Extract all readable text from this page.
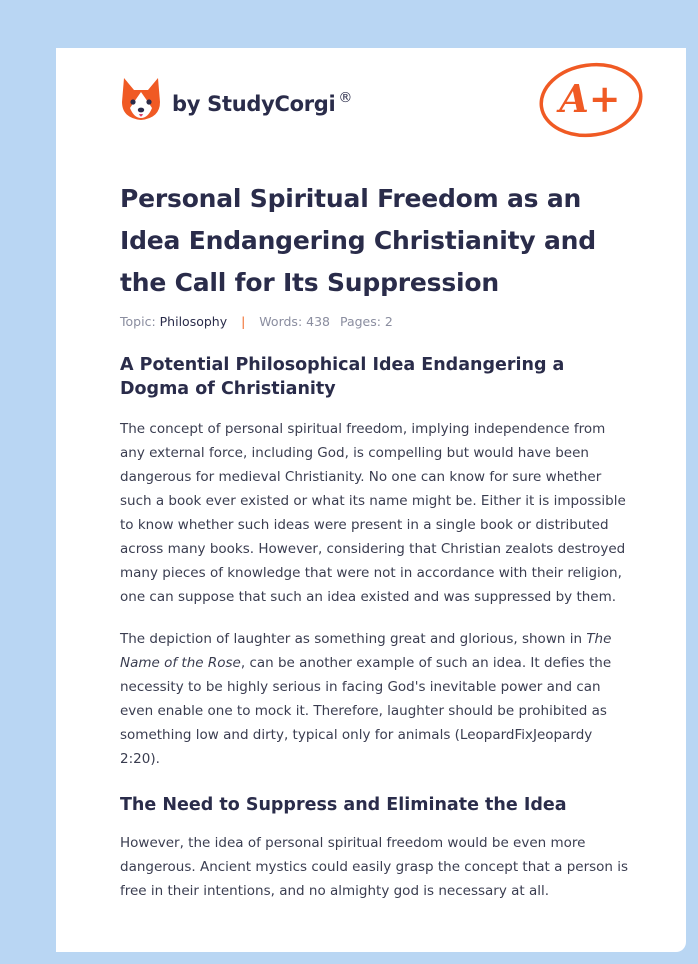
by StudyCorgi ®	A+
Personal Spiritual Freedom as an Idea Endangering Christianity and the Call for Its Suppression
Topic: Philosophy | Words: 438 Pages: 2
A Potential Philosophical Idea Endangering a Dogma of Christianity

The concept of personal spiritual freedom, implying independence from any external force, including God, is compelling but would have been dangerous for medieval Christianity. No one can know for sure whether such a book ever existed or what its name might be. Either it is impossible to know whether such ideas were present in a single book or distributed across many books. However, considering that Christian zealots destroyed many pieces of knowledge that were not in accordance with their religion, one can suppose that such an idea existed and was suppressed by them.

The depiction of laughter as something great and glorious, shown in The Name of the Rose, can be another example of such an idea. It defies the necessity to be highly serious in facing God's inevitable power and can even enable one to mock it. Therefore, laughter should be prohibited as something low and dirty, typical only for animals (LeopardFixJeopardy 2:20).

The Need to Suppress and Eliminate the Idea

However, the idea of personal spiritual freedom would be even more dangerous. Ancient mystics could easily grasp the concept that a person is free in their intentions, and no almighty god is necessary at all.
